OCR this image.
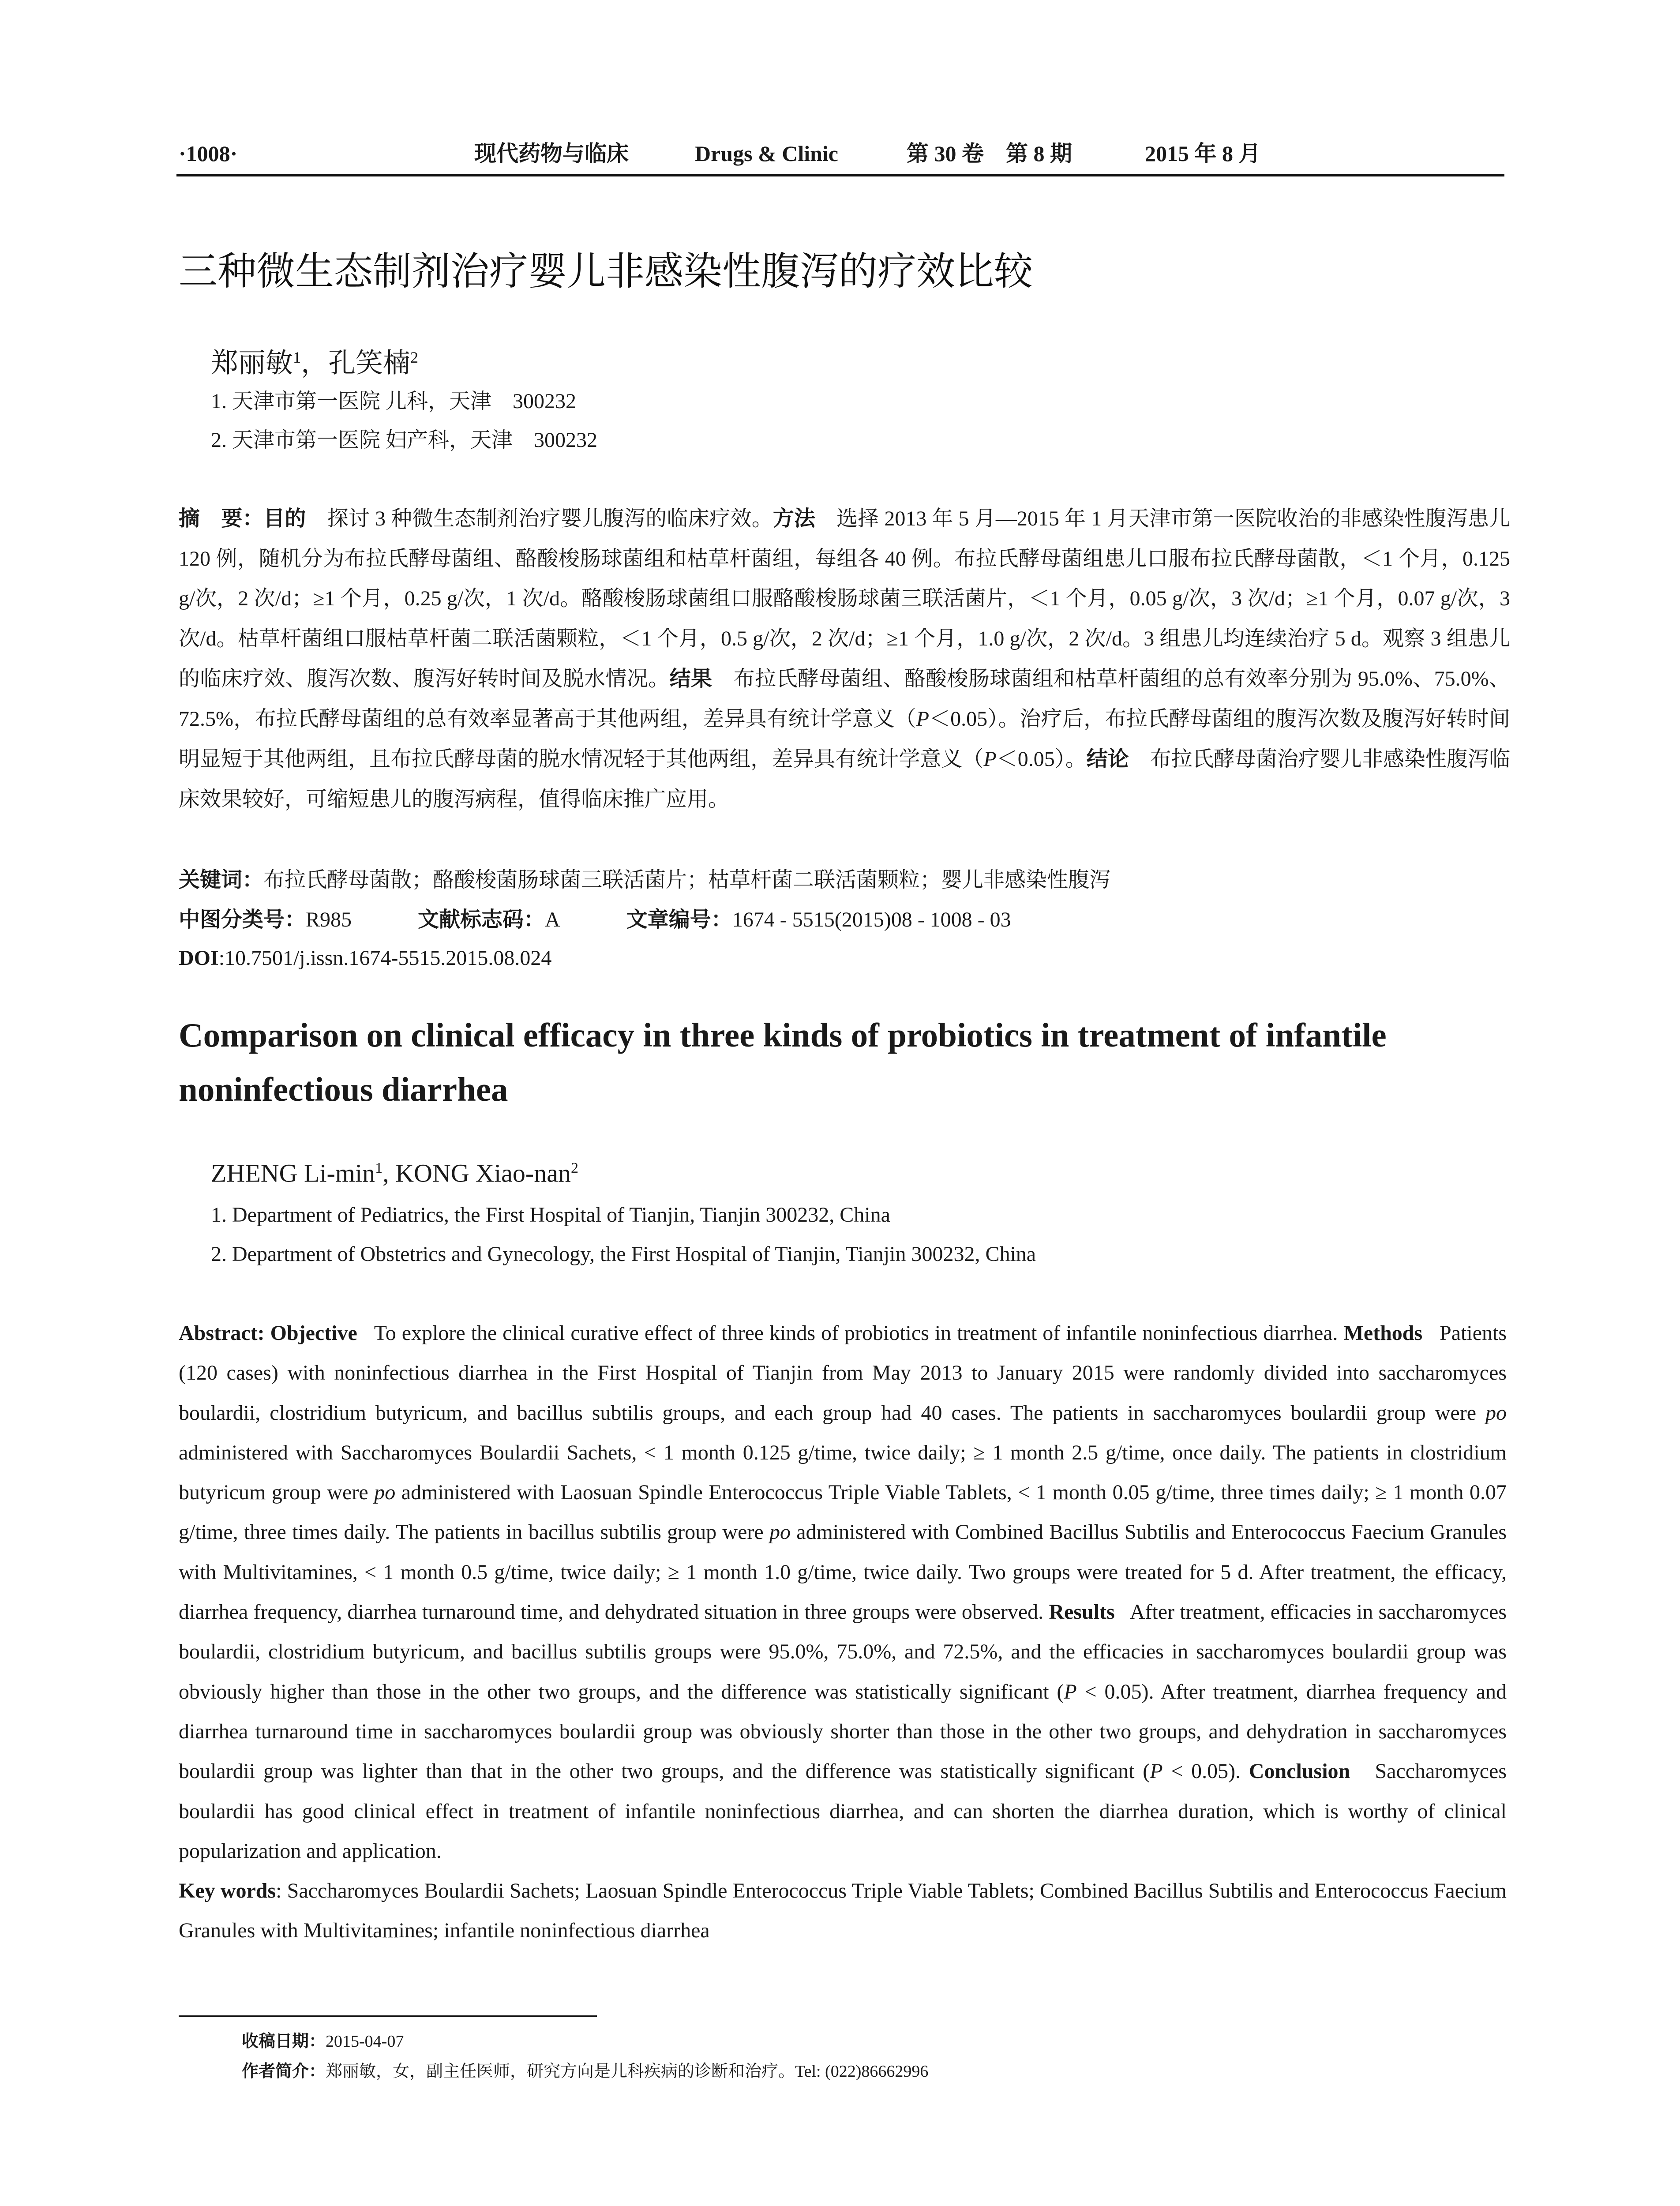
·1008·	现代药物与临床	Drugs & Clinic	第 30 卷　第 8 期	2015 年 8 月
三种微生态制剂治疗婴儿非感染性腹泻的疗效比较
郑丽敏$^1$，孔笑楠$^2$
1. 天津市第一医院 儿科，天津　300232
2. 天津市第一医院 妇产科，天津　300232
摘　要：目的　 探讨 3 种微生态制剂治疗婴儿腹泻的临床疗效。方法　 选择 2013 年 5 月—2015 年 1 月天津市第一医院收治的非感染性腹泻患儿 120 例，随机分为布拉氏酵母菌组、酪酸梭肠球菌组和枯草杆菌组，每组各 40 例。布拉氏酵母菌组患儿口服布拉氏酵母菌散，＜1 个月，0.125 g/次，2 次/d；≥1 个月，0.25 g/次，1 次/d。酪酸梭肠球菌组口服酪酸梭肠球菌三联活菌片，＜1 个月，0.05 g/次，3 次/d；≥1 个月，0.07 g/次，3 次/d。枯草杆菌组口服枯草杆菌二联活菌颗粒，＜1 个月，0.5 g/次，2 次/d；≥1 个月，1.0 g/次，2 次/d。3 组患儿均连续治疗 5 d。观察 3 组患儿的临床疗效、腹泻次数、腹泻好转时间及脱水情况。结果　 布拉氏酵母菌组、酪酸梭肠球菌组和枯草杆菌组的总有效率分别为 95.0%、75.0%、72.5%，布拉氏酵母菌组的总有效率显著高于其他两组，差异具有统计学意义（P＜0.05）。治疗后，布拉氏酵母菌组的腹泻次数及腹泻好转时间明显短于其他两组，且布拉氏酵母菌的脱水情况轻于其他两组，差异具有统计学意义（P＜0.05）。结论　 布拉氏酵母菌治疗婴儿非感染性腹泻临床效果较好，可缩短患儿的腹泻病程，值得临床推广应用。
关键词：布拉氏酵母菌散；酪酸梭菌肠球菌三联活菌片；枯草杆菌二联活菌颗粒；婴儿非感染性腹泻
中图分类号：R985	文献标志码：A	文章编号：1674 - 5515(2015)08 - 1008 - 03
DOI:10.7501/j.issn.1674-5515.2015.08.024
Comparison on clinical efficacy in three kinds of probiotics in treatment of infantile noninfectious diarrhea
ZHENG $Li-\min^1$, KONG Xiao-nan$^2$
1. Department of Pediatrics, the First Hospital of Tianjin, Tianjin 300232, China
2. Department of Obstetrics and Gynecology, the First Hospital of Tianjin, Tianjin 300232, China
Abstract: Objective To explore the clinical curative effect of three kinds of probiotics in treatment of infantile noninfectious diarrhea. Methods Patients (120 cases) with noninfectious diarrhea in the First Hospital of Tianjin from May 2013 to January 2015 were randomly divided into saccharomyces boulardii, clostridium butyricum, and bacillus subtilis groups, and each group had 40 cases. The patients in saccharomyces boulardii group were po administered with Saccharomyces Boulardii Sachets, < 1 month 0.125 g/time, twice daily; ≥ 1 month 2.5 g/time, once daily. The patients in clostridium butyricum group were po administered with Laosuan Spindle Enterococcus Triple Viable Tablets, < 1 month 0.05 g/time, three times daily; ≥ 1 month 0.07 g/time, three times daily. The patients in bacillus subtilis group were po administered with Combined Bacillus Subtilis and Enterococcus Faecium Granules with Multivitamines, < 1 month 0.5 g/time, twice daily; ≥ 1 month 1.0 g/time, twice daily. Two groups were treated for 5 d. After treatment, the efficacy, diarrhea frequency, diarrhea turnaround time, and dehydrated situation in three groups were observed. Results After treatment, efficacies in saccharomyces boulardii, clostridium butyricum, and bacillus subtilis groups were 95.0%, 75.0%, and 72.5%, and the efficacies in saccharomyces boulardii group was obviously higher than those in the other two groups, and the difference was statistically significant (P < 0.05). After treatment, diarrhea frequency and diarrhea turnaround time in saccharomyces boulardii group was obviously shorter than those in the other two groups, and dehydration in saccharomyces boulardii group was lighter than that in the other two groups, and the difference was statistically significant (P < 0.05). Conclusion Saccharomyces boulardii has good clinical effect in treatment of infantile noninfectious diarrhea, and can shorten the diarrhea duration, which is worthy of clinical popularization and application.
Key words: Saccharomyces Boulardii Sachets; Laosuan Spindle Enterococcus Triple Viable Tablets; Combined Bacillus Subtilis and Enterococcus Faecium Granules with Multivitamines; infantile noninfectious diarrhea
收稿日期：2015-04-07
作者简介：郑丽敏，女，副主任医师，研究方向是儿科疾病的诊断和治疗。Tel: (022)86662996
